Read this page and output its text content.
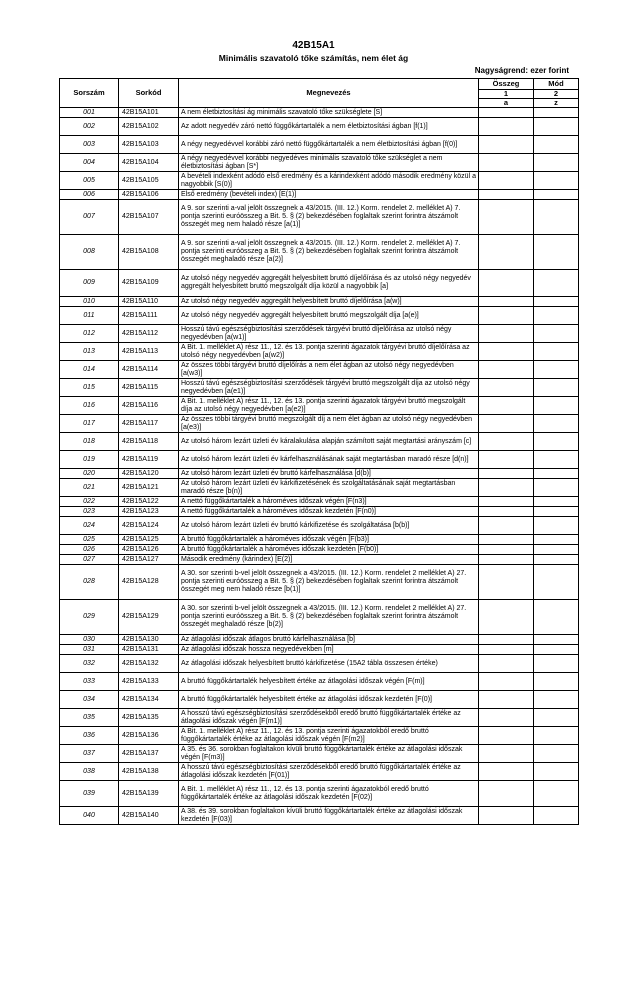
42B15A1
Minimális szavatoló tőke számítás, nem élet ág
Nagyságrend: ezer forint
Sorszám	Sorkód	Megnevezés	Összeg	Mód
			1	2
			a	z
001	42B15A101	A nem életbiztosítási ág minimális szavatoló tőke szükséglete [S]		
002	42B15A102	Az adott negyedév záró nettó függőkártartalék a nem életbiztosítási ágban [f(1)]		
003	42B15A103	A négy negyedévvel korábbi záró nettó függőkártartalék a nem életbiztosítási ágban [f(0)]		
004	42B15A104	A négy negyedévvel korábbi negyedéves minimális szavatoló tőke szükséglet a nem életbiztosítási ágban [S*]		
005	42B15A105	A bevételi indexként adódó első eredmény és a kárindexként adódó második eredmény közül a nagyobbik [S(0)]		
006	42B15A106	Első eredmény (bevételi index) [E(1)]		
007	42B15A107	A 9. sor szerinti a-val jelölt összegnek a 43/2015. (III. 12.) Korm. rendelet 2. melléklet A) 7. pontja szerinti euróösszeg a Bit. 5. § (2) bekezdésében foglaltak szerint forintra átszámolt összegét meg nem haladó része [a(1)]		
008	42B15A108	A 9. sor szerinti a-val jelölt összegnek a 43/2015. (III. 12.) Korm. rendelet 2. melléklet A) 7. pontja szerinti euróösszeg a Bit. 5. § (2) bekezdésében foglaltak szerint forintra átszámolt összegét meghaladó része [a(2)]		
009	42B15A109	Az utolsó négy negyedév aggregált helyesbített bruttó díjelőírása és az utolsó négy negyedév aggregált helyesbített bruttó megszolgált díja közül a nagyobbik [a]		
010	42B15A110	Az utolsó négy negyedév aggregált helyesbített bruttó díjelőírása [a(w)]		
011	42B15A111	Az utolsó négy negyedév aggregált helyesbített bruttó megszolgált díja [a(e)]		
012	42B15A112	Hosszú távú egészségbiztosítási szerződések tárgyévi bruttó díjelőírása az utolsó négy negyedévben [a(w1)]		
013	42B15A113	A Bit. 1. melléklet A) rész 11., 12. és 13. pontja szerinti ágazatok tárgyévi bruttó díjelőírása az utolsó négy negyedévben [a(w2)]		
014	42B15A114	Az összes többi tárgyévi bruttó díjelőírás a nem élet ágban az utolsó négy negyedévben [a(w3)]		
015	42B15A115	Hosszú távú egészségbiztosítási szerződések tárgyévi bruttó megszolgált díja az utolsó négy negyedévben [a(e1)]		
016	42B15A116	A Bit. 1. melléklet A) rész 11., 12. és 13. pontja szerinti ágazatok tárgyévi bruttó megszolgált díja az utolsó négy negyedévben [a(e2)]		
017	42B15A117	Az összes többi tárgyévi bruttó megszolgált díj a nem élet ágban az utolsó négy negyedévben [a(e3)]		
018	42B15A118	Az utolsó három lezárt üzleti év káralakulása alapján számított saját megtartási arányszám [c]		
019	42B15A119	Az utolsó három lezárt üzleti év kárfelhasználásának saját megtartásban maradó része [d(n)]		
020	42B15A120	Az utolsó három lezárt üzleti év bruttó kárfelhasználása [d(b)]		
021	42B15A121	Az utolsó három lezárt üzleti év kárkifizetésének és szolgáltatásának saját megtartásban maradó része [b(n)]		
022	42B15A122	A nettó függőkártartalék a hároméves időszak végén [F(n3)]		
023	42B15A123	A nettó függőkártartalék a hároméves időszak kezdetén [F(n0)]		
024	42B15A124	Az utolsó három lezárt üzleti év bruttó kárkifizetése és szolgáltatása [b(b)]		
025	42B15A125	A bruttó függőkártartalék a hároméves időszak végén [F(b3)]		
026	42B15A126	A bruttó függőkártartalék a hároméves időszak kezdetén [F(b0)]		
027	42B15A127	Második eredmény (kárindex) [E(2)]		
028	42B15A128	A 30. sor szerinti b-vel jelölt összegnek a 43/2015. (III. 12.) Korm. rendelet 2 melléklet A) 27. pontja szerinti euróösszeg a Bit. 5. § (2) bekezdésében foglaltak szerint forintra átszámolt összegét meg nem haladó része [b(1)]		
029	42B15A129	A 30. sor szerinti b-vel jelölt összegnek a 43/2015. (III. 12.) Korm. rendelet 2 melléklet A) 27. pontja szerinti euróösszeg a Bit. 5. § (2) bekezdésében foglaltak szerint forintra átszámolt összegét meghaladó része [b(2)]		
030	42B15A130	Az átlagolási időszak átlagos bruttó kárfelhasználása [b]		
031	42B15A131	Az átlagolási időszak hossza negyedévekben [m]		
032	42B15A132	Az átlagolási időszak helyesbített bruttó kárkifizetése (15A2 tábla összesen értéke)		
033	42B15A133	A bruttó függőkártartalék helyesbített értéke az átlagolási időszak végén [F(m)]		
034	42B15A134	A bruttó függőkártartalék helyesbített értéke az átlagolási időszak kezdetén [F(0)]		
035	42B15A135	A hosszú távú egészségbiztosítási szerződésekből eredő bruttó függőkártartalék értéke az átlagolási időszak végén [F(m1)]		
036	42B15A136	A Bit. 1. melléklet A) rész 11., 12. és 13. pontja szerinti ágazatokból eredő bruttó függőkártartalék értéke az átlagolási időszak végén [F(m2)]		
037	42B15A137	A 35. és 36. sorokban foglaltakon kívüli bruttó függőkártartalék értéke az átlagolási időszak végén [F(m3)]		
038	42B15A138	A hosszú távú egészségbiztosítási szerződésekből eredő bruttó függőkártartalék értéke az átlagolási időszak kezdetén [F(01)]		
039	42B15A139	A Bit. 1. melléklet A) rész 11., 12. és 13. pontja szerinti ágazatokból eredő bruttó függőkártartalék értéke az átlagolási időszak kezdetén [F(02)]		
040	42B15A140	A 38. és 39. sorokban foglaltakon kívüli bruttó függőkártartalék értéke az átlagolási időszak kezdetén [F(03)]		
